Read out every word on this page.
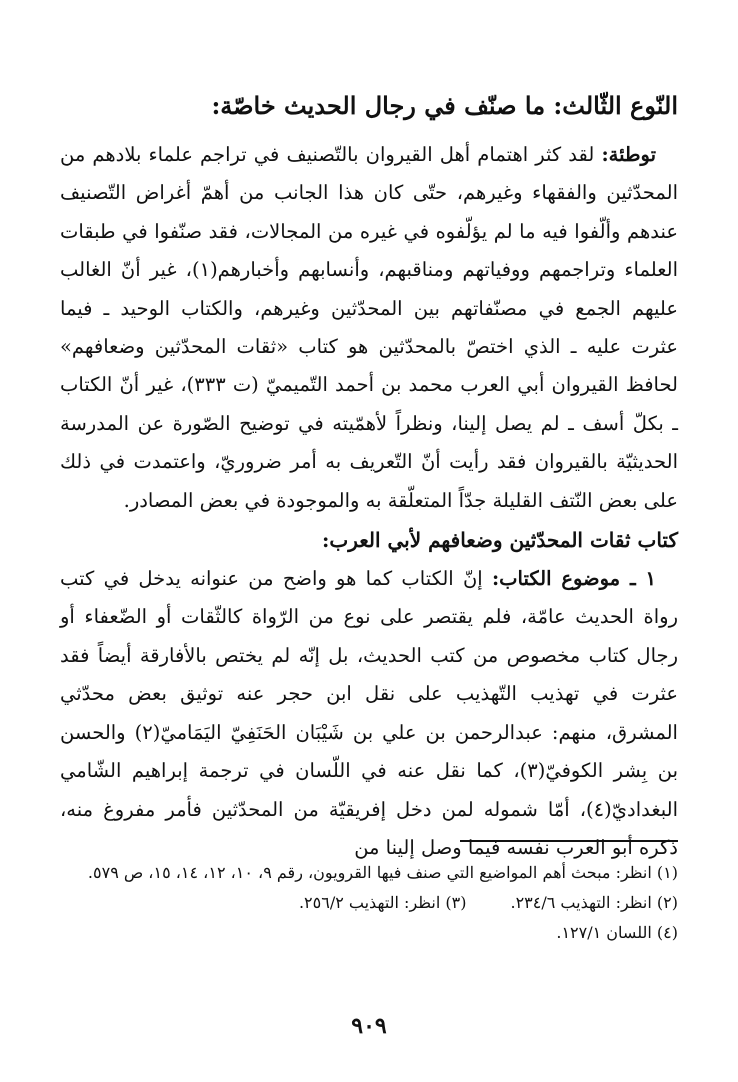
النّوع الثّالث: ما صنّف في رجال الحديث خاصّة:

توطئة: لقد كثر اهتمام أهل القيروان بالتّصنيف في تراجم علماء بلادهم من المحدّثين والفقهاء وغيرهم، حتّى كان هذا الجانب من أهمّ أغراض التّصنيف عندهم وألّفوا فيه ما لم يؤلّفوه في غيره من المجالات، فقد صنّفوا في طبقات العلماء وتراجمهم ووفياتهم ومناقبهم، وأنسابهم وأخبارهم(١)، غير أنّ الغالب عليهم الجمع في مصنّفاتهم بين المحدّثين وغيرهم، والكتاب الوحيد ـ فيما عثرت عليه ـ الذي اختصّ بالمحدّثين هو كتاب «ثقات المحدّثين وضعافهم» لحافظ القيروان أبي العرب محمد بن أحمد التّميميّ (ت ٣٣٣)، غير أنّ الكتاب ـ بكلّ أسف ـ لم يصل إلينا، ونظراً لأهمّيته في توضيح الصّورة عن المدرسة الحديثيّة بالقيروان فقد رأيت أنّ التّعريف به أمر ضروريّ، واعتمدت في ذلك على بعض النّتف القليلة جدّاً المتعلّقة به والموجودة في بعض المصادر.

كتاب ثقات المحدّثين وضعافهم لأبي العرب:

١ ـ موضوع الكتاب: إنّ الكتاب كما هو واضح من عنوانه يدخل في كتب رواة الحديث عامّة، فلم يقتصر على نوع من الرّواة كالثّقات أو الضّعفاء أو رجال كتاب مخصوص من كتب الحديث، بل إنّه لم يختص بالأفارقة أيضاً فقد عثرت في تهذيب التّهذيب على نقل ابن حجر عنه توثيق بعض محدّثي المشرق، منهم: عبدالرحمن بن علي بن شَيْبَان الحَنَفِيّ اليَمَاميّ(٢) والحسن بن بِشر الكوفيّ(٣)، كما نقل عنه في اللّسان في ترجمة إبراهيم الشّامي البغداديّ(٤)، أمّا شموله لمن دخل إفريقيّة من المحدّثين فأمر مفروغ منه، ذكره أبو العرب نفسه فيما وصل إلينا من

(١) انظر: مبحث أهم المواضيع التي صنف فيها القرويون، رقم ٩، ١٠، ١٢، ١٤، ١٥، ص ٥٧٩.

(٢) انظر: التهذيب ٢٣٤/٦.
(٣) انظر: التهذيب ٢٥٦/٢.

(٤) اللسان ١٢٧/١.

٩٠٩
